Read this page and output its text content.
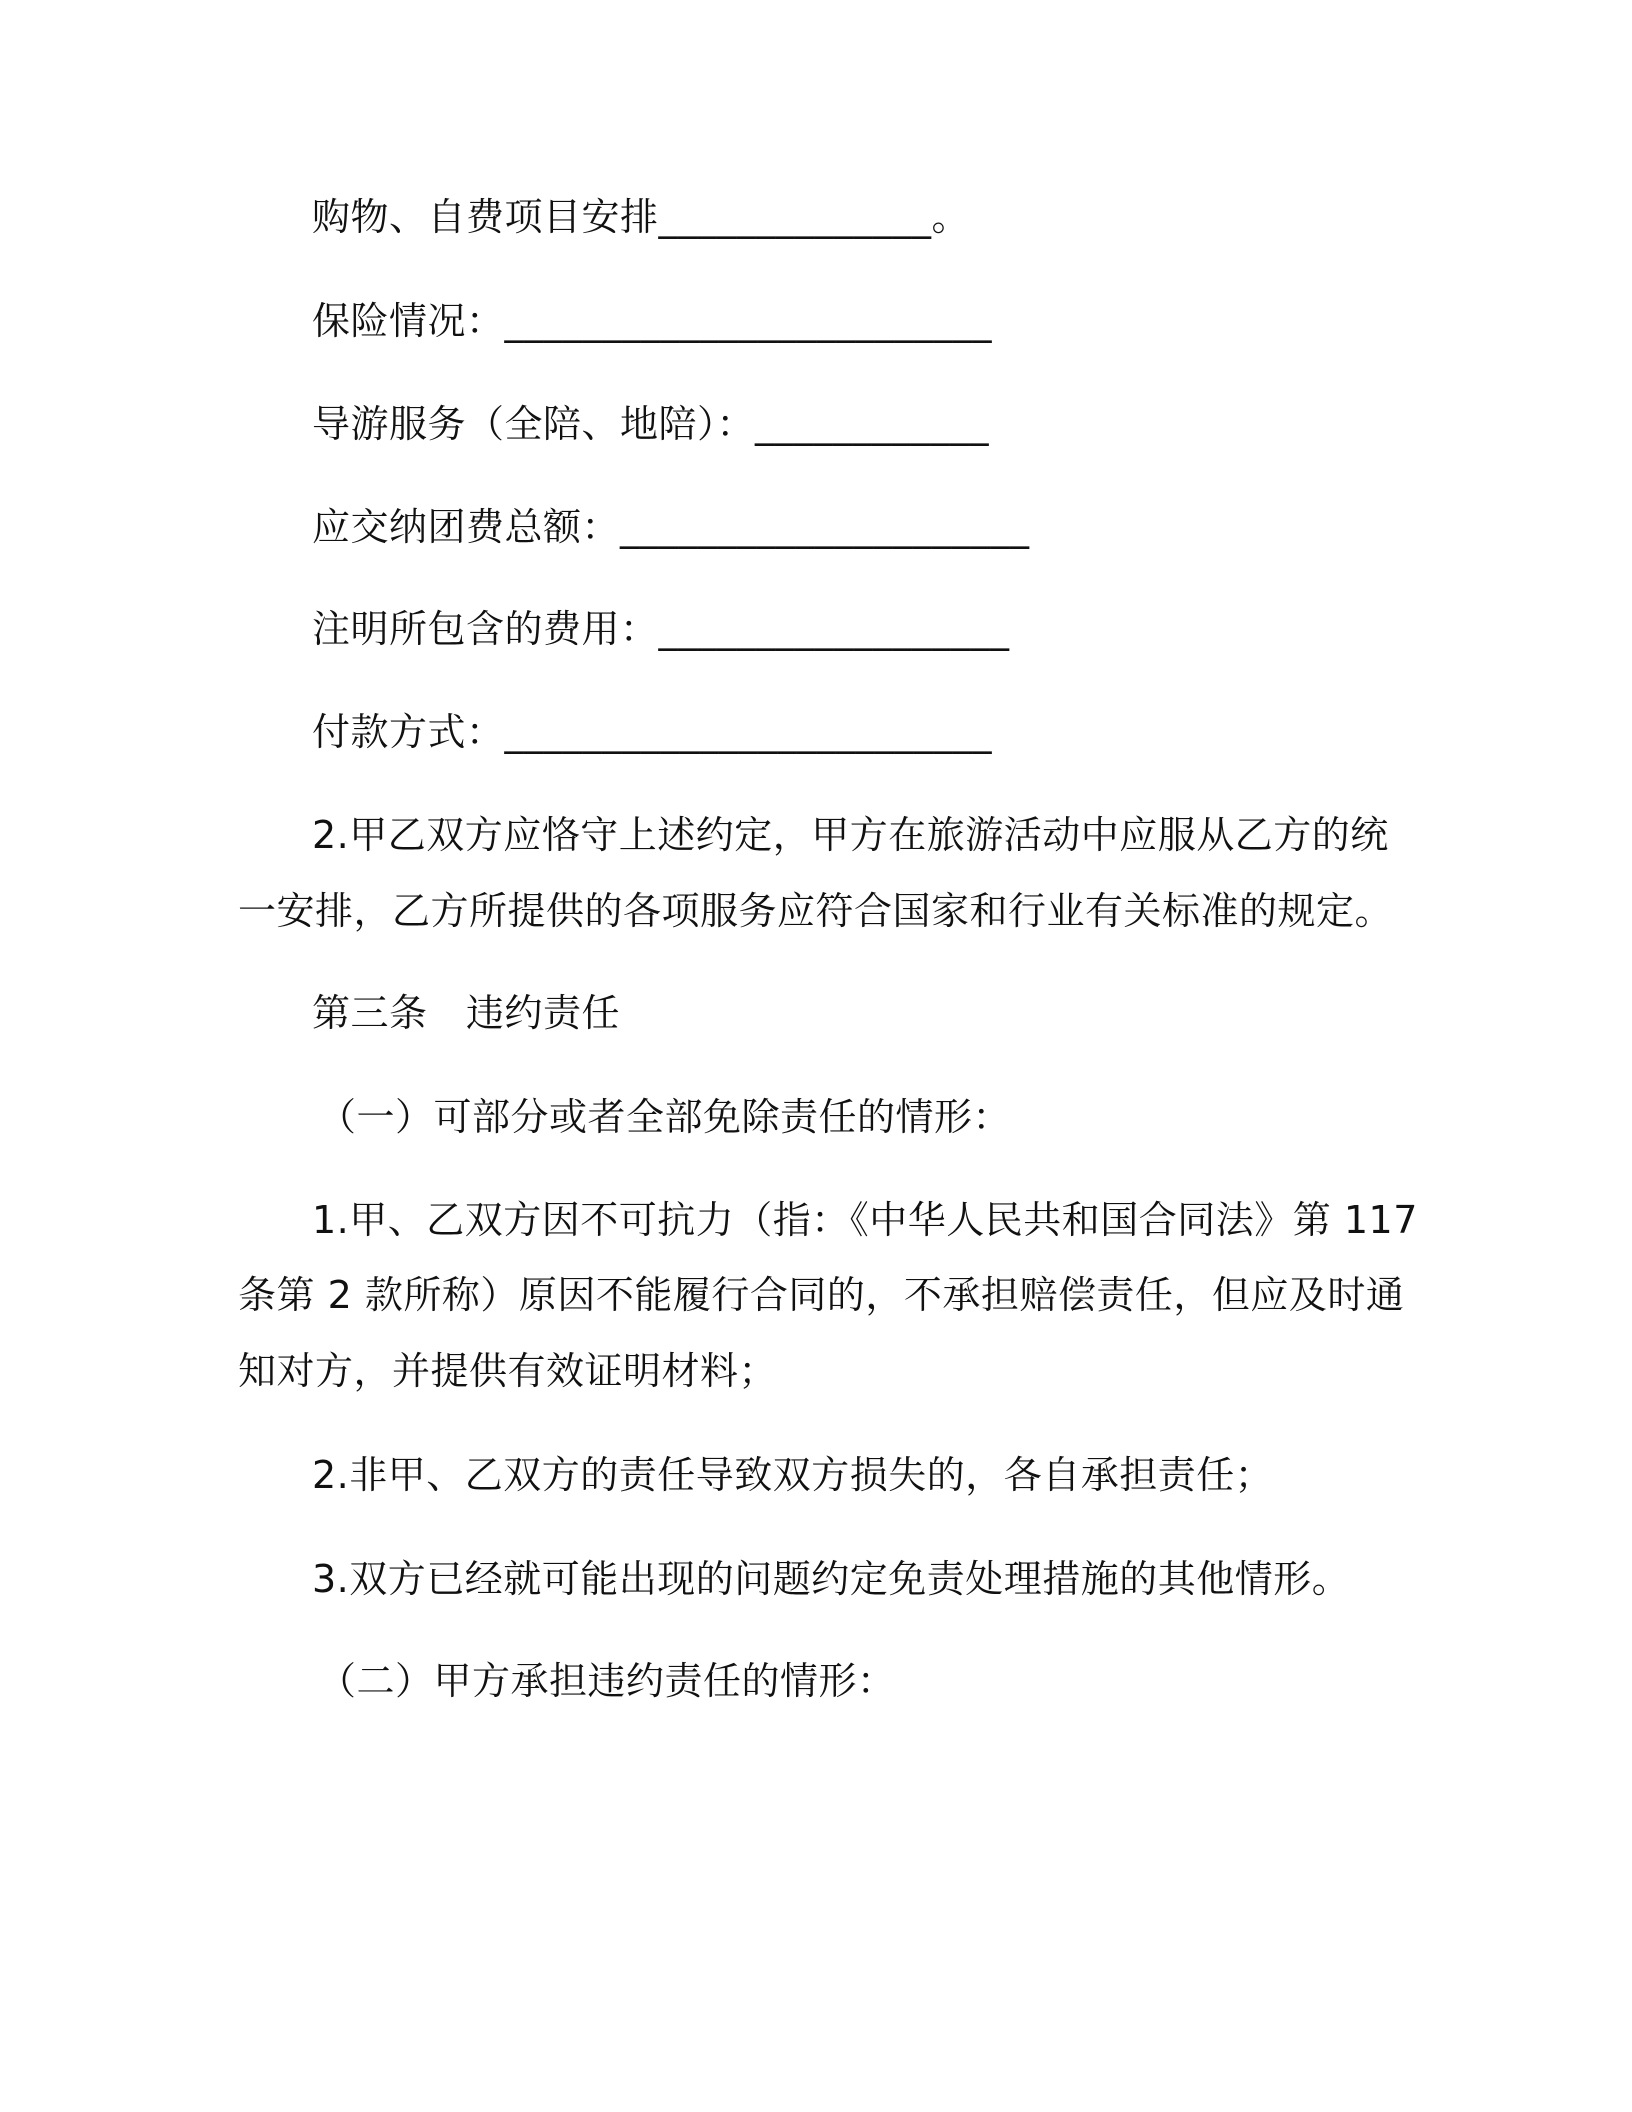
购物、自费项目安排______________。
保险情况：_________________________
导游服务（全陪、地陪）：____________
应交纳团费总额：_____________________
注明所包含的费用：__________________
付款方式：_________________________
2.甲乙双方应恪守上述约定，甲方在旅游活动中应服从乙方的统
一安排，乙方所提供的各项服务应符合国家和行业有关标准的规定。
第三条　违约责任
（一）可部分或者全部免除责任的情形：
1.甲、乙双方因不可抗力（指：《中华人民共和国合同法》第 117
条第 2 款所称）原因不能履行合同的，不承担赔偿责任，但应及时通
知对方，并提供有效证明材料；
2.非甲、乙双方的责任导致双方损失的，各自承担责任；
3.双方已经就可能出现的问题约定免责处理措施的其他情形。
（二）甲方承担违约责任的情形：
